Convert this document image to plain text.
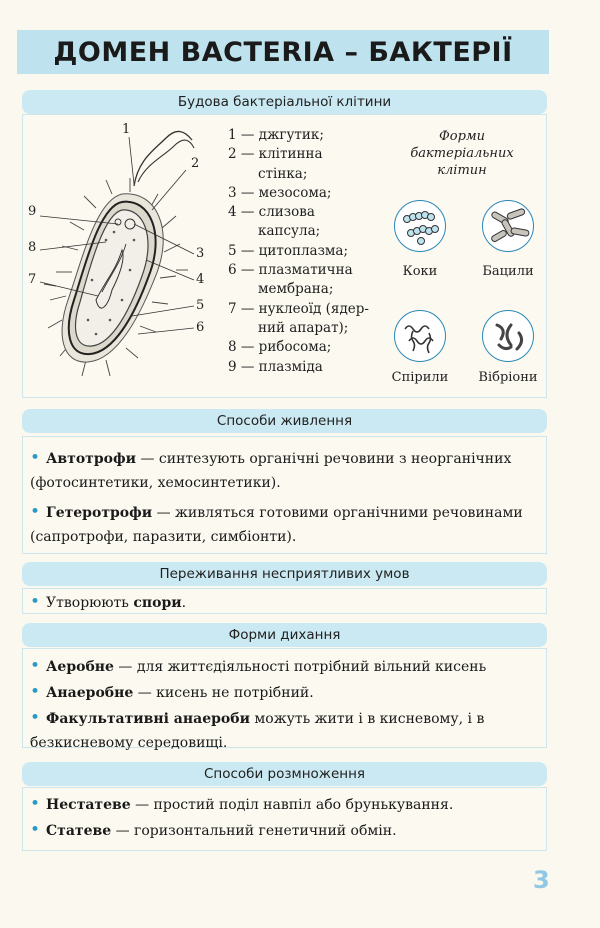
ДОМЕН BACTERIA – БАКТЕРІЇ
Будова бактеріальної клітини
1
2
3
4
5
6
7
8
9
1 — джгутик;
2 — клітинна
стінка;
3 — мезосома;
4 — слизова
капсула;
5 — цитоплазма;
6 — плазматична
мембрана;
7 — нуклеоїд (ядер-
ний апарат);
8 — рибосома;
9 — плазміда
Форми бактеріальних клітин
Коки	Бацили
Спірили	Вібріони
Способи живлення
• Автотрофи — синтезують органічні речовини з неорганічних (фотосинтетики, хемосинтетики).
• Гетеротрофи — живляться готовими органічними речовинами (сапротрофи, паразити, симбіонти).
Переживання несприятливих умов
• Утворюють спори.
Форми дихання
• Аеробне — для життєдіяльності потрібний вільний кисень
• Анаеробне — кисень не потрібний.
• Факультативні анаероби можуть жити і в кисневому, і в безкисневому середовищі.
Способи розмноження
• Нестатеве — простий поділ навпіл або брунькування.
• Статеве — горизонтальний генетичний обмін.
3
